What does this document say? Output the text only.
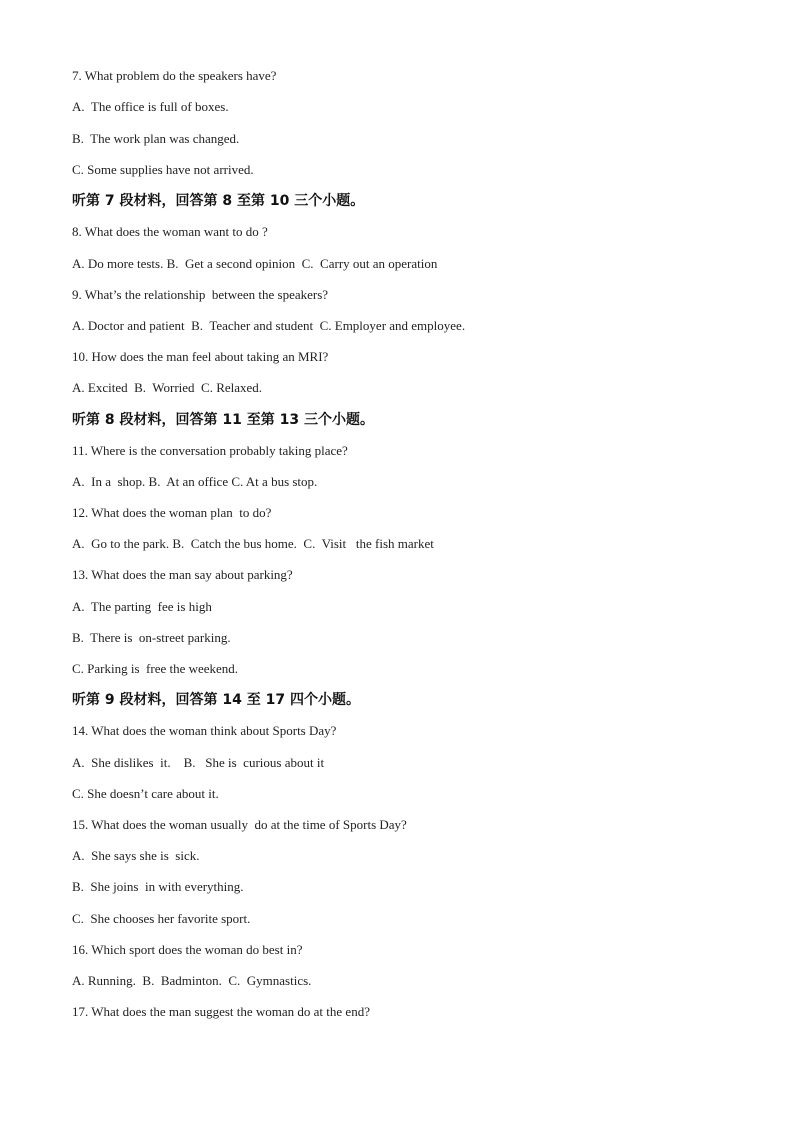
7. What problem do the speakers have?
A.  The office is full of boxes.
B.  The work plan was changed.
C. Some supplies have not arrived.
听第 7 段材料，回答第 8 至第 10 三个小题。
8. What does the woman want to do ?
A. Do more tests. B.  Get a second opinion  C.  Carry out an operation
9. What’s the relationship  between the speakers?
A. Doctor and patient  B.  Teacher and student  C. Employer and employee.
10. How does the man feel about taking an MRI?
A. Excited  B.  Worried  C. Relaxed.
听第 8 段材料，回答第 11 至第 13 三个小题。
11. Where is the conversation probably taking place?
A.  In a  shop. B.  At an office C. At a bus stop.
12. What does the woman plan  to do?
A.  Go to the park. B.  Catch the bus home.  C.  Visit   the fish market
13. What does the man say about parking?
A.  The parting  fee is high
B.  There is  on-street parking.
C. Parking is  free the weekend.
听第 9 段材料，回答第 14 至 17 四个小题。
14. What does the woman think about Sports Day?
A.  She dislikes  it.    B.   She is  curious about it
C. She doesn’t care about it.
15. What does the woman usually  do at the time of Sports Day?
A.  She says she is  sick.
B.  She joins  in with everything.
C.  She chooses her favorite sport.
16. Which sport does the woman do best in?
A. Running.  B.  Badminton.  C.  Gymnastics.
17. What does the man suggest the woman do at the end?
